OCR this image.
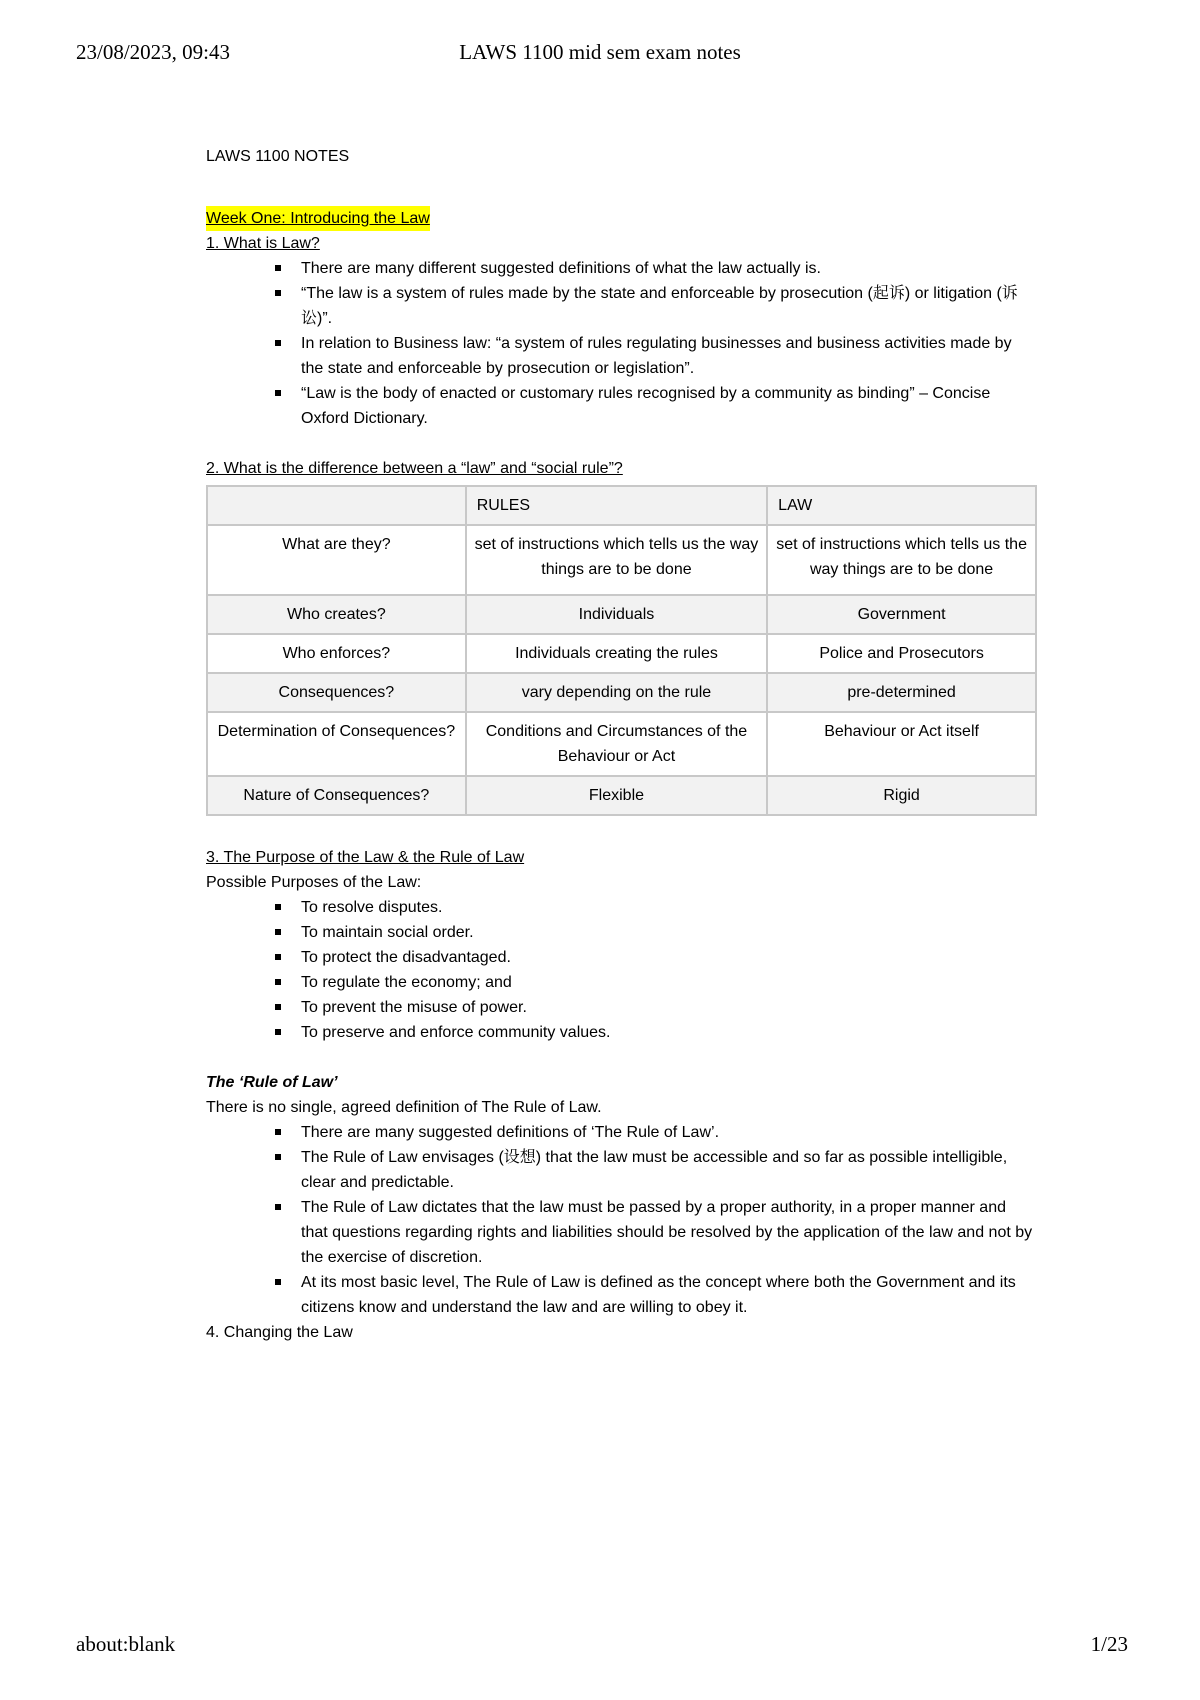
23/08/2023, 09:43	LAWS 1100 mid sem exam notes
LAWS 1100 NOTES
Week One: Introducing the Law
1. What is Law?
There are many different suggested definitions of what the law actually is.
“The law is a system of rules made by the state and enforceable by prosecution (起诉) or litigation (诉讼)”.
In relation to Business law: “a system of rules regulating businesses and business activities made by the state and enforceable by prosecution or legislation”.
“Law is the body of enacted or customary rules recognised by a community as binding” – Concise Oxford Dictionary.
2. What is the difference between a “law” and “social rule”?
	RULES	LAW
What are they?	set of instructions which tells us the way things are to be done	set of instructions which tells us the way things are to be done
Who creates?	Individuals	Government
Who enforces?	Individuals creating the rules	Police and Prosecutors
Consequences?	vary depending on the rule	pre-determined
Determination of Consequences?	Conditions and Circumstances of the Behaviour or Act	Behaviour or Act itself
Nature of Consequences?	Flexible	Rigid
3. The Purpose of the Law & the Rule of Law
Possible Purposes of the Law:
To resolve disputes.
To maintain social order.
To protect the disadvantaged.
To regulate the economy; and
To prevent the misuse of power.
To preserve and enforce community values.
The ‘Rule of Law’
There is no single, agreed definition of The Rule of Law.
There are many suggested definitions of ‘The Rule of Law’.
The Rule of Law envisages (设想) that the law must be accessible and so far as possible intelligible, clear and predictable.
The Rule of Law dictates that the law must be passed by a proper authority, in a proper manner and that questions regarding rights and liabilities should be resolved by the application of the law and not by the exercise of discretion.
At its most basic level, The Rule of Law is defined as the concept where both the Government and its citizens know and understand the law and are willing to obey it.
4. Changing the Law
about:blank	1/23
